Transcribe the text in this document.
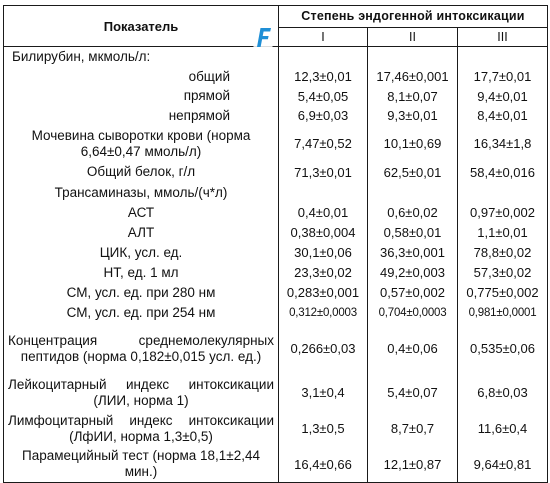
Показатель	Степень эндогенной интоксикации		
	I	II	III
Билирубин, мкмоль/л:			
общий	12,3±0,01	17,46±0,001	17,7±0,01
прямой	5,4±0,05	8,1±0,07	9,4±0,01
непрямой	6,9±0,03	9,3±0,01	8,4±0,01
Мочевина сыворотки крови (норма 6,64±0,47 ммоль/л)	7,47±0,52	10,1±0,69	16,34±1,8
Общий белок, г/л	71,3±0,01	62,5±0,01	58,4±0,016
Трансаминазы, ммоль/(ч*л)			
АСТ	0,4±0,01	0,6±0,02	0,97±0,002
АЛТ	0,38±0,004	0,58±0,01	1,1±0,01
ЦИК, усл. ед.	30,1±0,06	36,3±0,001	78,8±0,02
НТ, ед. 1 мл	23,3±0,02	49,2±0,003	57,3±0,02
СМ, усл. ед. при 280 нм	0,283±0,001	0,57±0,002	0,775±0,002
СМ, усл. ед. при 254 нм	0,312±0,0003	0,704±0,0003	0,981±0,0001
Концентрация среднемолекулярных пептидов (норма 0,182±0,015 усл. ед.)	0,266±0,03	0,4±0,06	0,535±0,06
Лейкоцитарный индекс интоксикации (ЛИИ, норма 1)	3,1±0,4	5,4±0,07	6,8±0,03
Лимфоцитарный индекс интоксикации (ЛфИИ, норма 1,3±0,5)	1,3±0,5	8,7±0,7	11,6±0,4
Парамецийный тест (норма 18,1±2,44 мин.)	16,4±0,66	12,1±0,87	9,64±0,81
